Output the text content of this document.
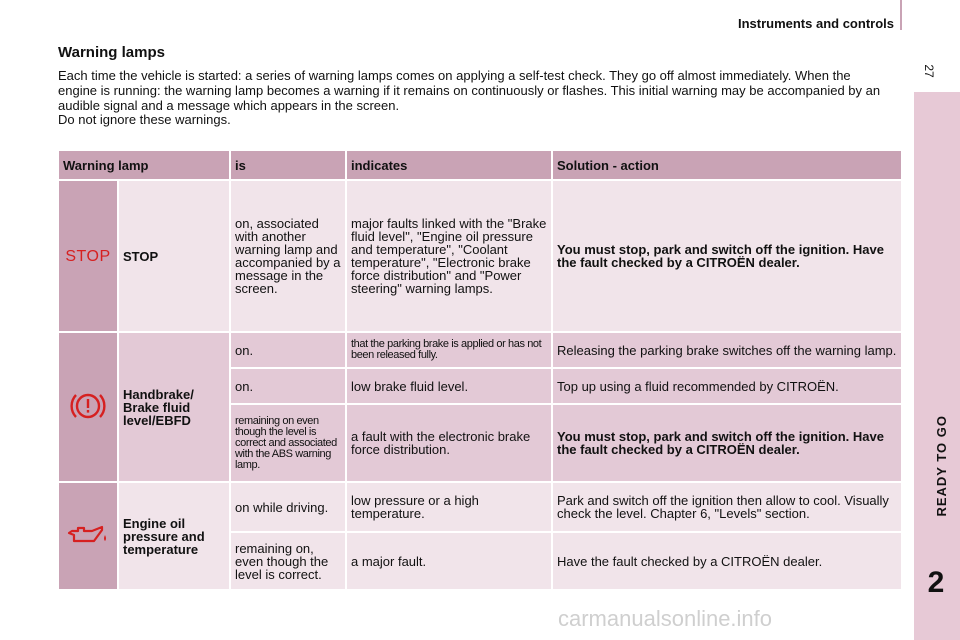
Instruments and controls
27
READY TO GO
2
Warning lamps
Each time the vehicle is started: a series of warning lamps comes on applying a self-test check. They go off almost immediately. When the engine is running: the warning lamp becomes a warning if it remains on continuously or flashes. This initial warning may be accompanied by an audible signal and a message which appears in the screen.
Do not ignore these warnings.
Warning lamp		is	indicates	Solution - action
STOP	STOP	on, associated with another warning lamp and accompanied by a message in the screen.	major faults linked with the "Brake fluid level", "Engine oil pressure and temperature", "Coolant temperature", "Electronic brake force distribution" and "Power steering" warning lamps.	You must stop, park and switch off the ignition. Have the fault checked by a CITROËN dealer.
	Handbrake/ Brake fluid level/EBFD	on.	that the parking brake is applied or has not been released fully.	Releasing the parking brake switches off the warning lamp.
		on.	low brake fluid level.	Top up using a fluid recommended by CITROËN.
		remaining on even though the level is correct and associated with the ABS warning lamp.	a fault with the electronic brake force distribution.	You must stop, park and switch off the ignition. Have the fault checked by a CITROËN dealer.
	Engine oil pressure and temperature	on while driving.	low pressure or a high temperature.	Park and switch off the ignition then allow to cool. Visually check the level. Chapter 6, "Levels" section.
		remaining on, even though the level is correct.	a major fault.	Have the fault checked by a CITROËN dealer.
carmanualsonline.info
